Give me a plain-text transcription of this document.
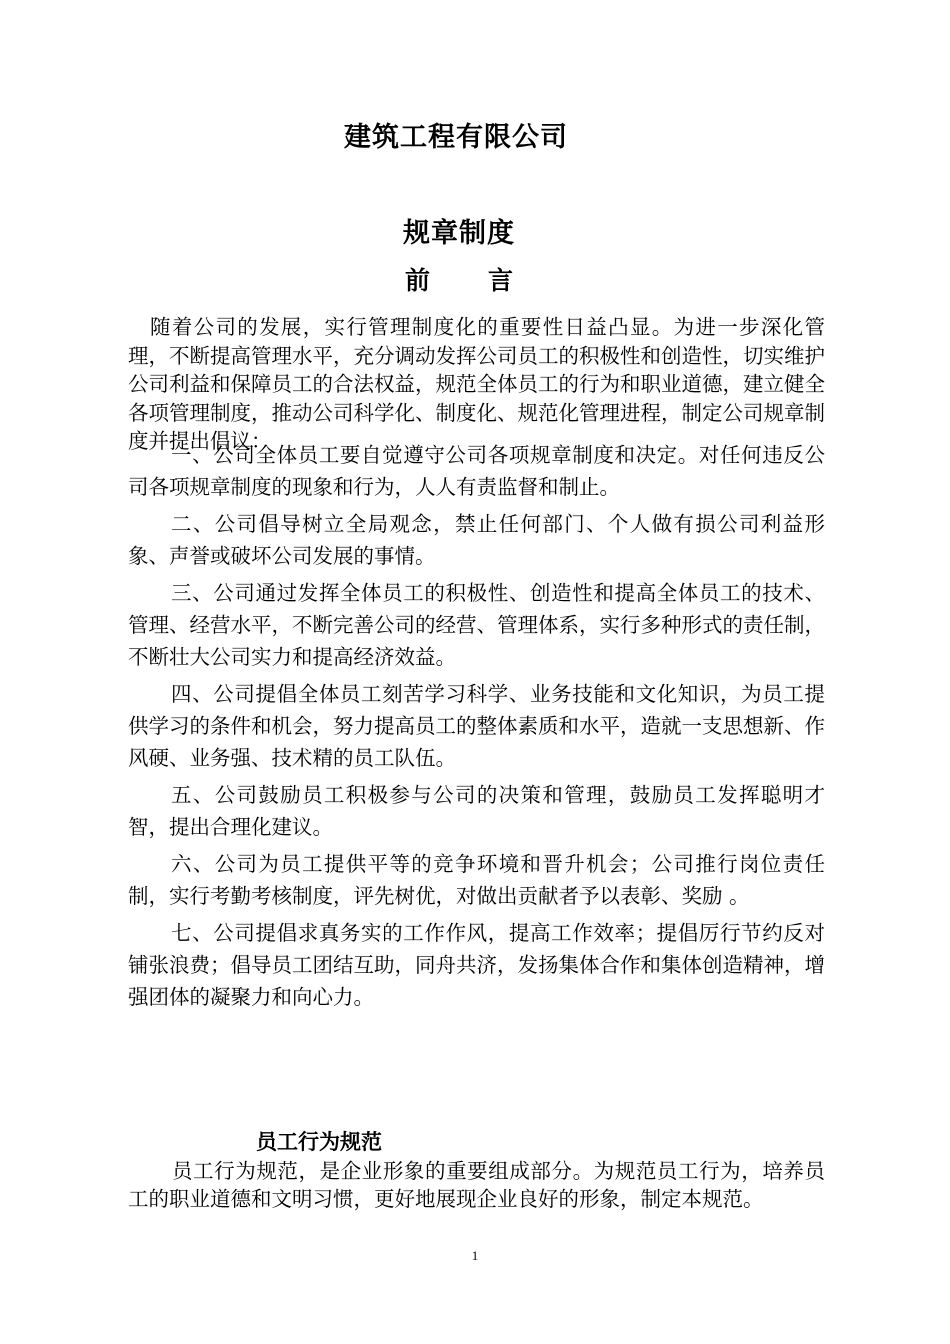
建筑工程有限公司
规章制度
前言

随着公司的发展，实行管理制度化的重要性日益凸显。为进一步深化管理，不断提高管理水平，充分调动发挥公司员工的积极性和创造性，切实维护公司利益和保障员工的合法权益，规范全体员工的行为和职业道德，建立健全各项管理制度，推动公司科学化、制度化、规范化管理进程，制定公司规章制度并提出倡议：

一、公司全体员工要自觉遵守公司各项规章制度和决定。对任何违反公司各项规章制度的现象和行为，人人有责监督和制止。

二、公司倡导树立全局观念，禁止任何部门、个人做有损公司利益形象、声誉或破坏公司发展的事情。

三、公司通过发挥全体员工的积极性、创造性和提高全体员工的技术、管理、经营水平，不断完善公司的经营、管理体系，实行多种形式的责任制，不断壮大公司实力和提高经济效益。

四、公司提倡全体员工刻苦学习科学、业务技能和文化知识，为员工提供学习的条件和机会，努力提高员工的整体素质和水平，造就一支思想新、作风硬、业务强、技术精的员工队伍。

五、公司鼓励员工积极参与公司的决策和管理，鼓励员工发挥聪明才智，提出合理化建议。

六、公司为员工提供平等的竞争环境和晋升机会；公司推行岗位责任制，实行考勤考核制度，评先树优，对做出贡献者予以表彰、奖励 。

七、公司提倡求真务实的工作作风，提高工作效率；提倡厉行节约反对铺张浪费；倡导员工团结互助，同舟共济，发扬集体合作和集体创造精神，增强团体的凝聚力和向心力。

员工行为规范

员工行为规范，是企业形象的重要组成部分。为规范员工行为，培养员工的职业道德和文明习惯，更好地展现企业良好的形象，制定本规范。

1
